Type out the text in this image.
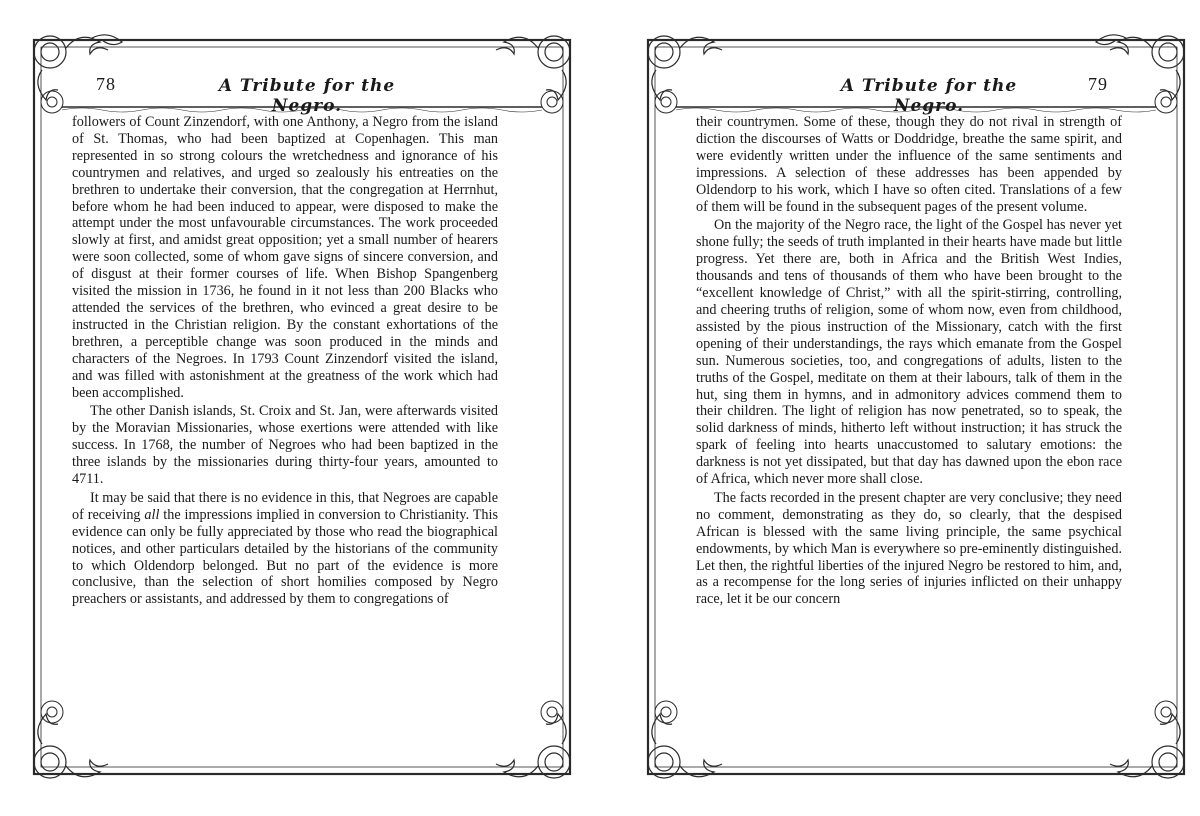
78	A Tribute for the Negro.

followers of Count Zinzendorf, with one Anthony, a Negro from the island of St. Thomas, who had been baptized at Copenhagen. This man represented in so strong colours the wretchedness and ignorance of his countrymen and relatives, and urged so zealously his entreaties on the brethren to undertake their conversion, that the congregation at Herrnhut, before whom he had been induced to appear, were disposed to make the attempt under the most unfavourable circumstances. The work proceeded slowly at first, and amidst great opposition; yet a small number of hearers were soon collected, some of whom gave signs of sincere conversion, and of disgust at their former courses of life. When Bishop Spangenberg visited the mission in 1736, he found in it not less than 200 Blacks who attended the services of the brethren, who evinced a great desire to be instructed in the Christian religion. By the constant exhortations of the brethren, a perceptible change was soon produced in the minds and characters of the Negroes. In 1793 Count Zinzendorf visited the island, and was filled with astonishment at the greatness of the work which had been accomplished.

The other Danish islands, St. Croix and St. Jan, were afterwards visited by the Moravian Missionaries, whose exertions were attended with like success. In 1768, the number of Negroes who had been baptized in the three islands by the missionaries during thirty-four years, amounted to 4711.

It may be said that there is no evidence in this, that Negroes are capable of receiving all the impressions implied in conversion to Christianity. This evidence can only be fully appreciated by those who read the biographical notices, and other particulars detailed by the historians of the community to which Oldendorp belonged. But no part of the evidence is more conclusive, than the selection of short homilies composed by Negro preachers or assistants, and addressed by them to congregations of

A Tribute for the Negro.
79

their countrymen. Some of these, though they do not rival in strength of diction the discourses of Watts or Doddridge, breathe the same spirit, and were evidently written under the influence of the same sentiments and impressions. A selection of these addresses has been appended by Oldendorp to his work, which I have so often cited. Translations of a few of them will be found in the subsequent pages of the present volume.

On the majority of the Negro race, the light of the Gospel has never yet shone fully; the seeds of truth implanted in their hearts have made but little progress. Yet there are, both in Africa and the British West Indies, thousands and tens of thousands of them who have been brought to the “excellent knowledge of Christ,” with all the spirit-stirring, controlling, and cheering truths of religion, some of whom now, even from childhood, assisted by the pious instruction of the Missionary, catch with the first opening of their understandings, the rays which emanate from the Gospel sun. Numerous societies, too, and congregations of adults, listen to the truths of the Gospel, meditate on them at their labours, talk of them in the hut, sing them in hymns, and in admonitory advices commend them to their children. The light of religion has now penetrated, so to speak, the solid darkness of minds, hitherto left without instruction; it has struck the spark of feeling into hearts unaccustomed to salutary emotions: the darkness is not yet dissipated, but that day has dawned upon the ebon race of Africa, which never more shall close.

The facts recorded in the present chapter are very conclusive; they need no comment, demonstrating as they do, so clearly, that the despised African is blessed with the same living principle, the same psychical endowments, by which Man is everywhere so pre-eminently distinguished. Let then, the rightful liberties of the injured Negro be restored to him, and, as a recompense for the long series of injuries inflicted on their unhappy race, let it be our concern
